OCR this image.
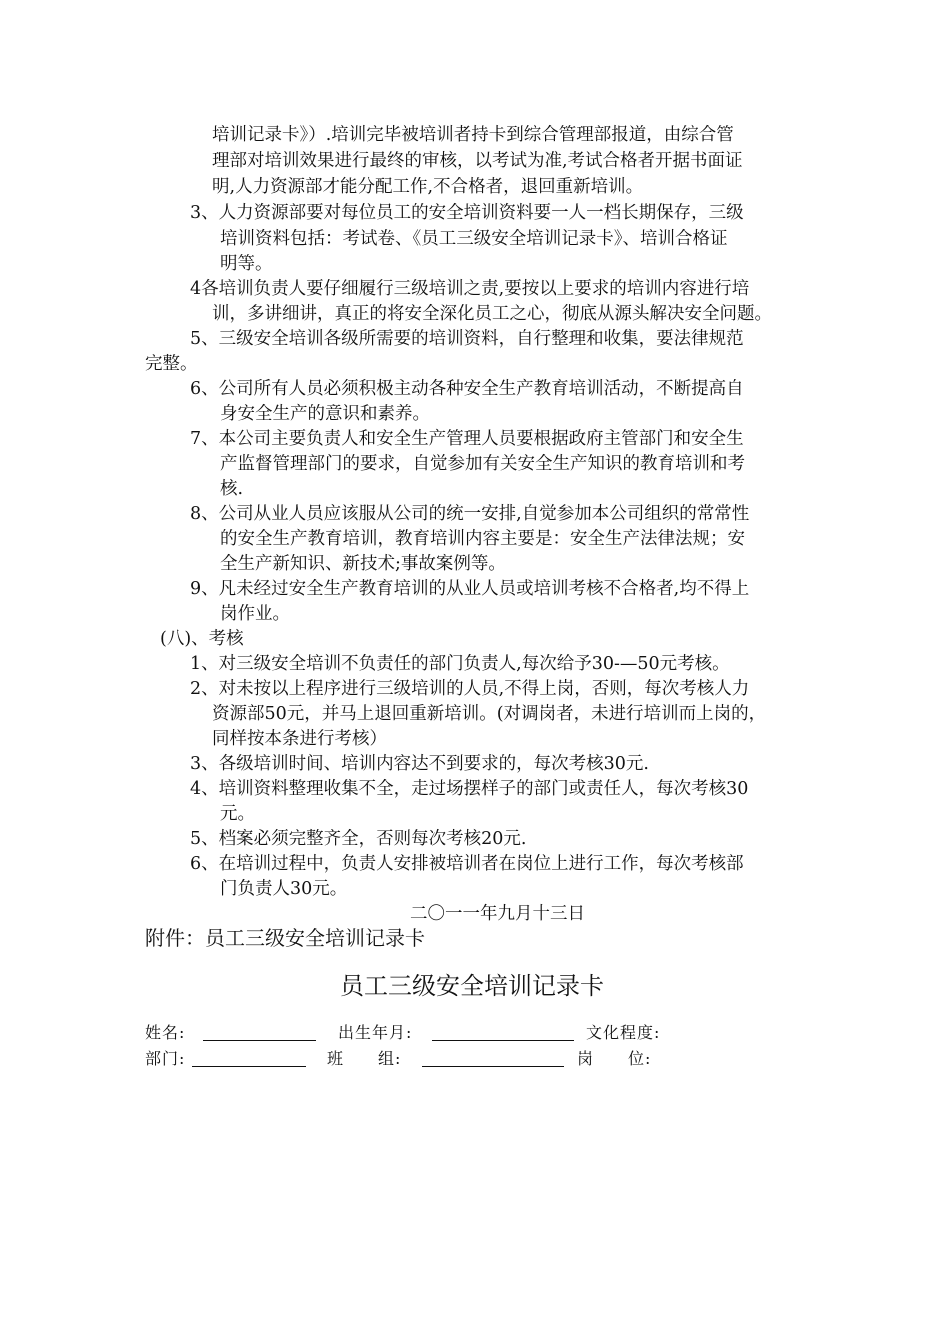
培训记录卡》）.培训完毕被培训者持卡到综合管理部报道，由综合管
理部对培训效果进行最终的审核，以考试为准,考试合格者开据书面证
明,人力资源部才能分配工作,不合格者，退回重新培训。
3、人力资源部要对每位员工的安全培训资料要一人一档长期保存，三级
培训资料包括：考试卷、《员工三级安全培训记录卡》、培训合格证
明等。
4各培训负责人要仔细履行三级培训之责,要按以上要求的培训内容进行培
训，多讲细讲，真正的将安全深化员工之心，彻底从源头解决安全问题。
5、三级安全培训各级所需要的培训资料，自行整理和收集，要法律规范
完整。
6、公司所有人员必须积极主动各种安全生产教育培训活动，不断提高自
身安全生产的意识和素养。
7、本公司主要负责人和安全生产管理人员要根据政府主管部门和安全生
产监督管理部门的要求，自觉参加有关安全生产知识的教育培训和考
核.
8、公司从业人员应该服从公司的统一安排,自觉参加本公司组织的常常性
的安全生产教育培训，教育培训内容主要是：安全生产法律法规；安
全生产新知识、新技术;事故案例等。
9、凡未经过安全生产教育培训的从业人员或培训考核不合格者,均不得上
岗作业。
(八)、考核
1、对三级安全培训不负责任的部门负责人,每次给予30-—50元考核。
2、对未按以上程序进行三级培训的人员,不得上岗，否则，每次考核人力
资源部50元，并马上退回重新培训。(对调岗者，未进行培训而上岗的，
同样按本条进行考核）
3、各级培训时间、培训内容达不到要求的，每次考核30元.
4、培训资料整理收集不全，走过场摆样子的部门或责任人，每次考核30
元。
5、档案必须完整齐全，否则每次考核20元.
6、在培训过程中，负责人安排被培训者在岗位上进行工作，每次考核部
门负责人30元。
二〇一一年九月十三日
附件：员工三级安全培训记录卡
员工三级安全培训记录卡
姓名:	出生年月:	文化程度:
部门:	班　　组:	岗　　位:
